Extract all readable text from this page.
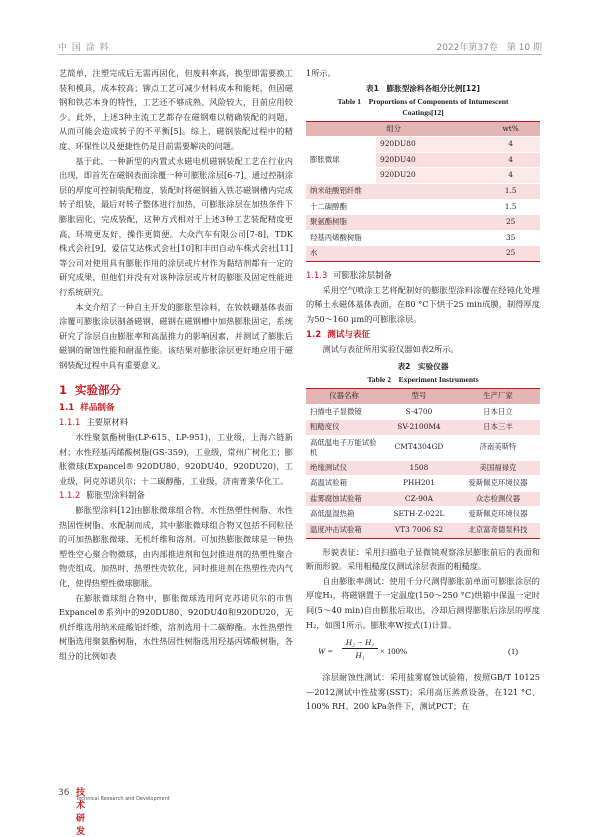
中 国 涂 料	2022年第37卷　第 10 期

艺简单，注塑完成后无需再固化，但废料率高，换型即需要换工装和模具，成本较高；铆点工艺可减少材料成本和能耗，但因磁钢和铁芯本身的特性，工艺还不够成熟、风险较大，目前应用较少。此外，上述3种主流工艺都存在磁钢难以精确装配的问题，从而可能会造成转子的不平衡[5]。综上，磁钢装配过程中的精度、环保性以及便捷性仍是目前需要解决的问题。

基于此，一种新型的内置式永磁电机磁钢装配工艺在行业内出现，即首先在磁钢表面涂覆一种可膨胀涂层[6-7]，通过控制涂层的厚度可控制装配精度，装配时将磁钢插入铁芯磁钢槽内完成转子组装，最后对转子整体进行加热，可膨胀涂层在加热条件下膨胀固化，完成装配，这种方式相对于上述3种工艺装配精度更高，环境更友好，操作更简便。大众汽车有限公司[7-8]，TDK株式会社[9]，爱信艾达株式会社[10]和丰田自动车株式会社[11]等公司对使用具有膨胀作用的涂层或片材作为黏结剂都有一定的研究成果，但他们并没有对该种涂层或片材的膨胀及固定性能进行系统研究。

本文介绍了一种自主开发的膨胀型涂料，在钕铁硼基体表面涂覆可膨胀涂层制备磁钢，磁钢在磁钢槽中加热膨胀固定，系统研究了涂层自由膨胀率和高温推力的影响因素，并测试了膨胀后磁钢的耐蚀性能和耐温性能。该结果对膨胀涂层更好地应用于磁钢装配过程中具有重要意义。

1 实验部分
1.1 样品制备
1.1.1 主要原材料

水性聚氨酯树脂(LP-615、LP-951)，工业级，上海六链新材；水性羟基丙烯酸树脂(GS-359)，工业级，常州广树化工；膨胀微球(Expancel® 920DU80、920DU40、920DU20)，工业级，阿克苏诺贝尔；十二碳醇酯，工业级，济南菁莱华化工。

1.1.2 膨胀型涂料制备

膨胀型涂料[12]由膨胀微球组合物、水性热塑性树脂、水性热固性树脂、水配制而成，其中膨胀微球组合物又包括不同粒径的可加热膨胀微球、无机纤维和溶剂。可加热膨胀微球是一种热塑性空心聚合物微球，由内部推进剂和包封推进剂的热塑性聚合物壳组成。加热时，热塑性壳软化，同时推进剂在热塑性壳内气化，使得热塑性微球膨胀。

在膨胀微球组合物中，膨胀微球选用阿克苏诺贝尔的市售Expancel®系列中的920DU80、920DU40和920DU20，无机纤维选用纳米硅酸铝纤维，溶剂选用十二碳醇酯。水性热塑性树脂选用聚氨酯树脂，水性热固性树脂选用羟基丙烯酸树脂，各组分的比例如表

1所示。

表1　膨胀型涂料各组分比例[12]

Table 1　Proportions of Components of Intumescent

Coatings[12]

组分		wt%
膨胀微球	920DU80	4
	920DU40	4
	920DU20	4
纳米硅酸铝纤维		1.5
十二碳醇酯		1.5
聚氨酯树脂		25
羟基丙烯酸树脂		35
水		25
1.1.3 可膨胀涂层制备

采用空气喷涂工艺将配制好的膨胀型涂料涂覆在经钝化处理的稀土永磁体基体表面，在80 °C下烘干25 min成膜，制得厚度为50～160 μm的可膨胀涂层。

1.2 测试与表征

测试与表征所用实验仪器如表2所示。

表2　实验仪器

Table 2　Experiment Instruments

仪器名称	型号	生产厂家
扫描电子显微镜	S-4700	日本日立
粗糙度仪	SV-2100M4	日本三丰
高低温电子万能试验机	CMT4304GD	济南美斯特
绝缘测试仪	1508	美国福禄克
高温试验箱	PHH201	爱斯佩克环境仪器
盐雾腐蚀试验箱	CZ-90A	众志检测仪器
高低温湿热箱	SETH-Z-022L	爱斯佩克环境仪器
温度冲击试验箱	VT3 7006 S2	北京富奇德泵科技

形貌表征：采用扫描电子显微镜观察涂层膨胀前后的表面和断面形貌。采用粗糙度仪测试涂层表面的粗糙度。

自由膨胀率测试：使用千分尺测得膨胀前单面可膨胀涂层的厚度H₁，将磁钢置于一定温度(150～250 °C)烘箱中保温一定时间(5～40 min)自由膨胀后取出，冷却后测得膨胀后涂层的厚度H₂，如图1所示。膨胀率W按式(1)计算。

$W = \frac{\text{H₂ − H₁}}{\text{H₁}} \times 100\%$	(1)

涂层耐蚀性测试：采用盐雾腐蚀试验箱，按照GB/T 10125—2012测试中性盐雾(SST)；采用高压蒸煮设备，在121 °C、100% RH、200 kPa条件下，测试PCT；在

36 技术研发
Technical Research and Development
